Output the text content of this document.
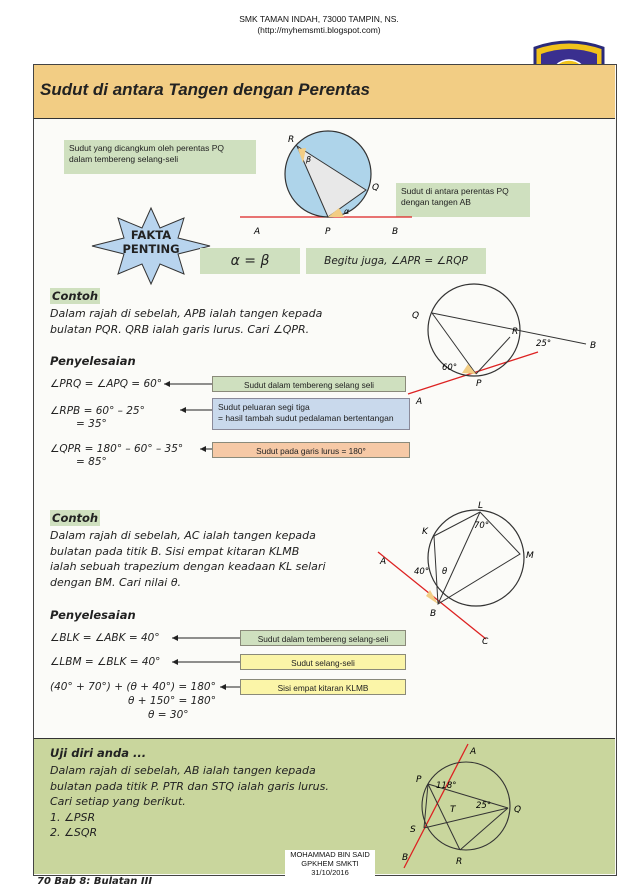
SMK TAMAN INDAH, 73000 TAMPIN, NS.
(http://myhemsmti.blogspot.com)
Sudut di antara Tangen dengan Perentas
Sudut yang dicangkum oleh perentas PQ
dalam tembereng selang-seli
Sudut di antara perentas PQ
dengan tangen AB
R
Q
A	P	B
β
α
FAKTA
PENTING
α = β	Begitu juga, ∠APR = ∠RQP
Contoh
Dalam rajah di sebelah, APB ialah tangen kepada
bulatan PQR. QRB ialah garis lurus. Cari ∠QPR.
Penyelesaian
∠PRQ = ∠APQ = 60°
∠RPB = 60° – 25°
= 35°
∠QPR = 180° – 60° – 35°
= 85°
Sudut dalam tembereng selang seli
Sudut peluaran segi tiga
= hasil tambah sudut pedalaman bertentangan
Sudut pada garis lurus = 180°
Q
R
B
P
A
25°
60°
Contoh
Dalam rajah di sebelah, AC ialah tangen kepada
bulatan pada titik B. Sisi empat kitaran KLMB
ialah sebuah trapezium dengan keadaan KL selari
dengan BM. Cari nilai θ.
Penyelesaian
∠BLK = ∠ABK = 40°
∠LBM = ∠BLK = 40°
(40° + 70°) + (θ + 40°) = 180°
θ + 150° = 180°
θ = 30°
Sudut dalam tembereng selang-seli
Sudut selang-seli
Sisi empat kitaran KLMB
L
K
M
A
B
C
70°
40° θ
Uji diri anda ...
Dalam rajah di sebelah, AB ialah tangen kepada
bulatan pada titik P. PTR dan STQ ialah garis lurus.
Cari setiap yang berikut.
1. ∠PSR
2. ∠SQR
A
P
S
T	Q
R
B
118°
25°
MOHAMMAD BIN SAID
GPKHEM SMKTI
31/10/2016
70 Bab 8: Bulatan III
